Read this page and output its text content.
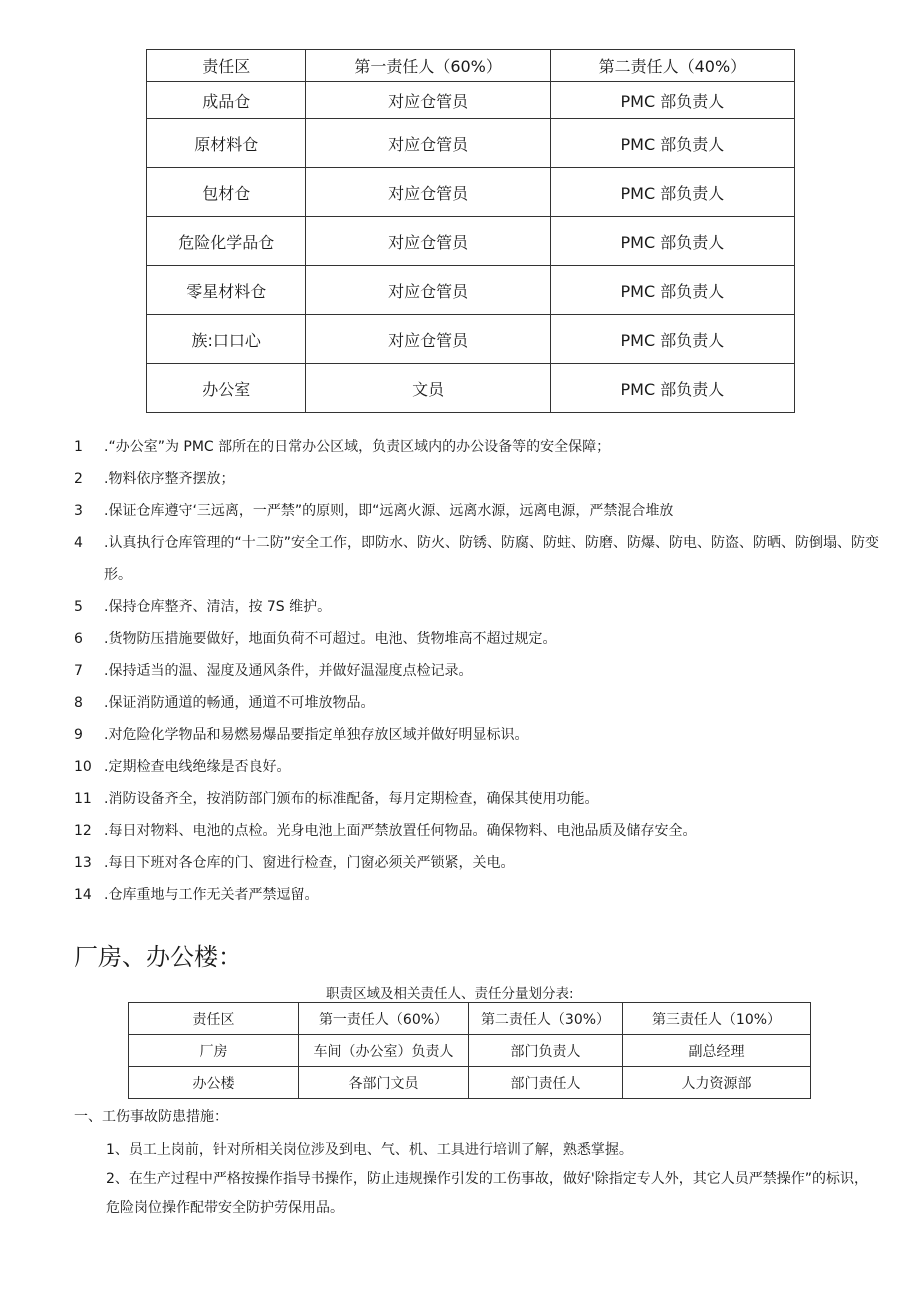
责任区	第一责任人（60%）	第二责任人（40%）
成品仓	对应仓管员	PMC 部负责人
原材料仓	对应仓管员	PMC 部负责人
包材仓	对应仓管员	PMC 部负责人
危险化学品仓	对应仓管员	PMC 部负责人
零星材料仓	对应仓管员	PMC 部负责人
族:口口心	对应仓管员	PMC 部负责人
办公室	文员	PMC 部负责人
1	.“办公室”为 PMC 部所在的日常办公区域，负责区域内的办公设备等的安全保障；
2	.物料依序整齐摆放；
3	.保证仓库遵守‘三远离，一严禁”的原则，即“远离火源、远离水源，远离电源，严禁混合堆放
4	.认真执行仓库管理的“十二防”安全工作，即防水、防火、防锈、防腐、防蛀、防磨、防爆、防电、防盗、防晒、防倒塌、防变形。
5	.保持仓库整齐、清洁，按 7S 维护。
6	.货物防压措施要做好，地面负荷不可超过。电池、货物堆高不超过规定。
7	.保持适当的温、湿度及通风条件，并做好温湿度点检记录。
8	.保证消防通道的畅通，通道不可堆放物品。
9	.对危险化学物品和易燃易爆品要指定单独存放区域并做好明显标识。
10 .定期检查电线绝缘是否良好。
11 .消防设备齐全，按消防部门颁布的标准配备，每月定期检查，确保其使用功能。
12 .每日对物料、电池的点检。光身电池上面严禁放置任何物品。确保物料、电池品质及储存安全。
13 .每日下班对各仓库的门、窗进行检查，门窗必须关严锁紧，关电。
14 .仓库重地与工作无关者严禁逗留。
厂房、办公楼：
职责区域及相关责任人、责任分量划分表:
责任区	第一责任人（60%）	第二责任人（30%）	第三责任人（10%）
厂房	车间（办公室）负责人	部门负责人	副总经理
办公楼	各部门文员	部门责任人	人力资源部
一、工伤事故防患措施：
1、员工上岗前，针对所相关岗位涉及到电、气、机、工具进行培训了解，熟悉掌握。
2、在生产过程中严格按操作指导书操作，防止违规操作引发的工伤事故，做好'除指定专人外，其它人员严禁操作”的标识，危险岗位操作配带安全防护劳保用品。
